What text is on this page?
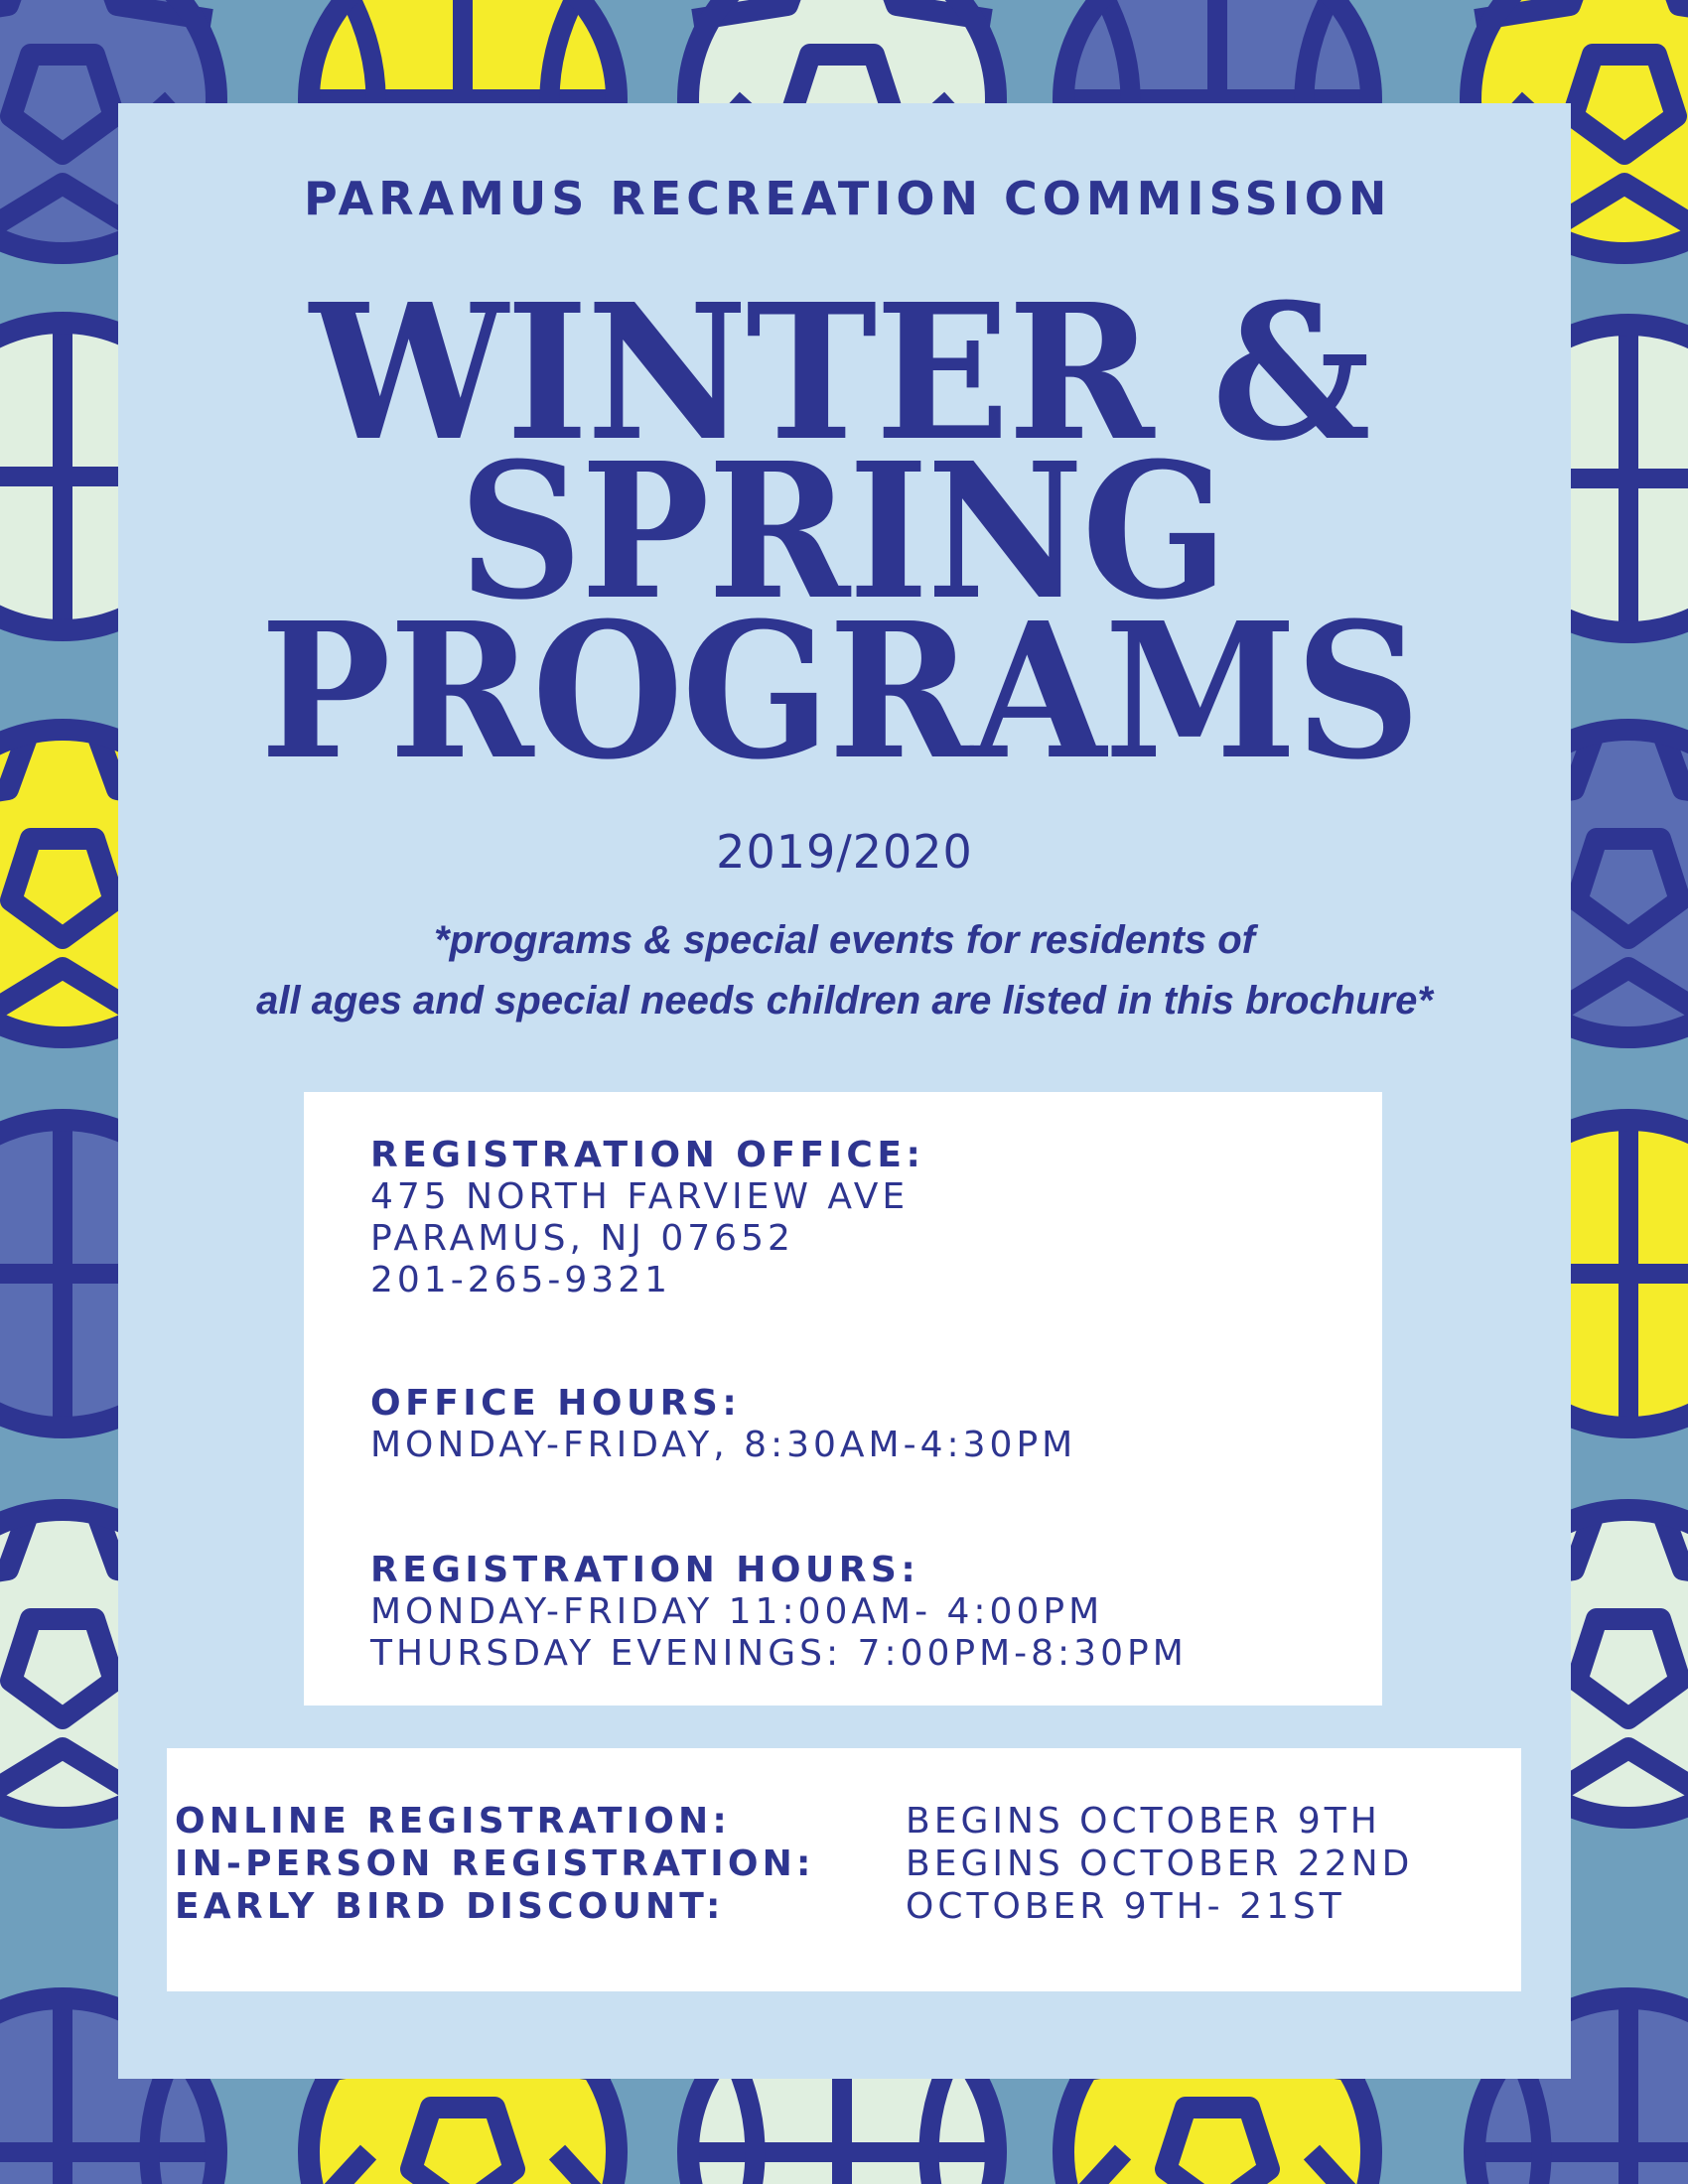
PARAMUS RECREATION COMMISSION
WINTER &
SPRING
PROGRAMS
2019/2020
*programs & special events for residents of
all ages and special needs children are listed in this brochure*
REGISTRATION OFFICE:
475 NORTH FARVIEW AVE
PARAMUS, NJ 07652
201-265-9321
OFFICE HOURS:
MONDAY-FRIDAY, 8:30AM-4:30PM
REGISTRATION HOURS:
MONDAY-FRIDAY 11:00AM- 4:00PM
THURSDAY EVENINGS: 7:00PM-8:30PM
ONLINE REGISTRATION:	BEGINS OCTOBER 9TH
IN-PERSON REGISTRATION:	BEGINS OCTOBER 22ND
EARLY BIRD DISCOUNT:	OCTOBER 9TH- 21ST
